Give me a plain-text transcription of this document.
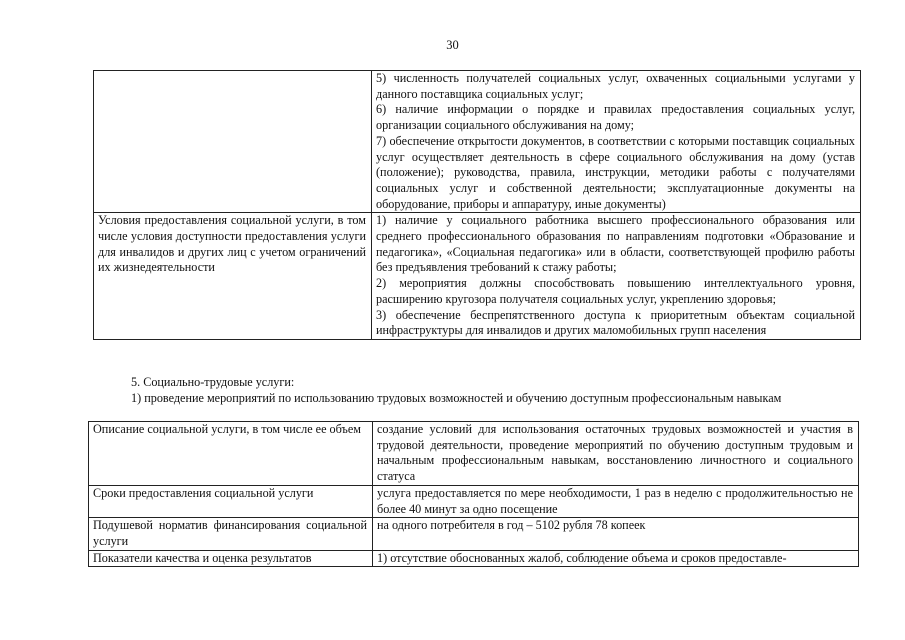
30

	5) численность получателей социальных услуг, охваченных социальными услугами у данного поставщика социальных услуг;

6) наличие информации о порядке и правилах предоставления социальных услуг, организации социального обслуживания на дому;

7) обеспечение открытости документов, в соответствии с которыми поставщик социальных услуг осуществляет деятельность в сфере социального обслуживания на дому (устав (положение); руководства, правила, инструкции, методики работы с получателями социальных услуг и собственной деятельности; эксплуатационные документы на оборудование, приборы и аппаратуру, иные документы)

Условия предоставления социальной услуги, в том числе условия доступности предоставления услуги для инвалидов и других лиц с учетом ограничений их жизнедеятельности	1) наличие у социального работника высшего профессионального образования или среднего профессионального образования по направлениям подготовки «Образование и педагогика», «Социальная педагогика» или в области, соответствующей профилю работы без предъявления требований к стажу работы;

2) мероприятия должны способствовать повышению интеллектуального уровня, расширению кругозора получателя социальных услуг, укреплению здоровья;

3) обеспечение беспрепятственного доступа к приоритетным объектам социальной инфраструктуры для инвалидов и других маломобильных групп населения

5. Социально-трудовые услуги:
1) проведение мероприятий по использованию трудовых возможностей и обучению доступным профессиональным навыкам
Описание социальной услуги, в том числе ее объем	создание условий для использования остаточных трудовых возможностей и участия в трудовой деятельности, проведение мероприятий по обучению доступным трудовым и начальным профессиональным навыкам, восстановлению личностного и социального статуса
Сроки предоставления социальной услуги	услуга предоставляется по мере необходимости, 1 раз в неделю с продолжительностью не более 40 минут за одно посещение
Подушевой норматив финансирования социальной услуги	на одного потребителя в год – 5102 рубля 78 копеек
Показатели качества и оценка результатов	1) отсутствие обоснованных жалоб, соблюдение объема и сроков предоставле-
